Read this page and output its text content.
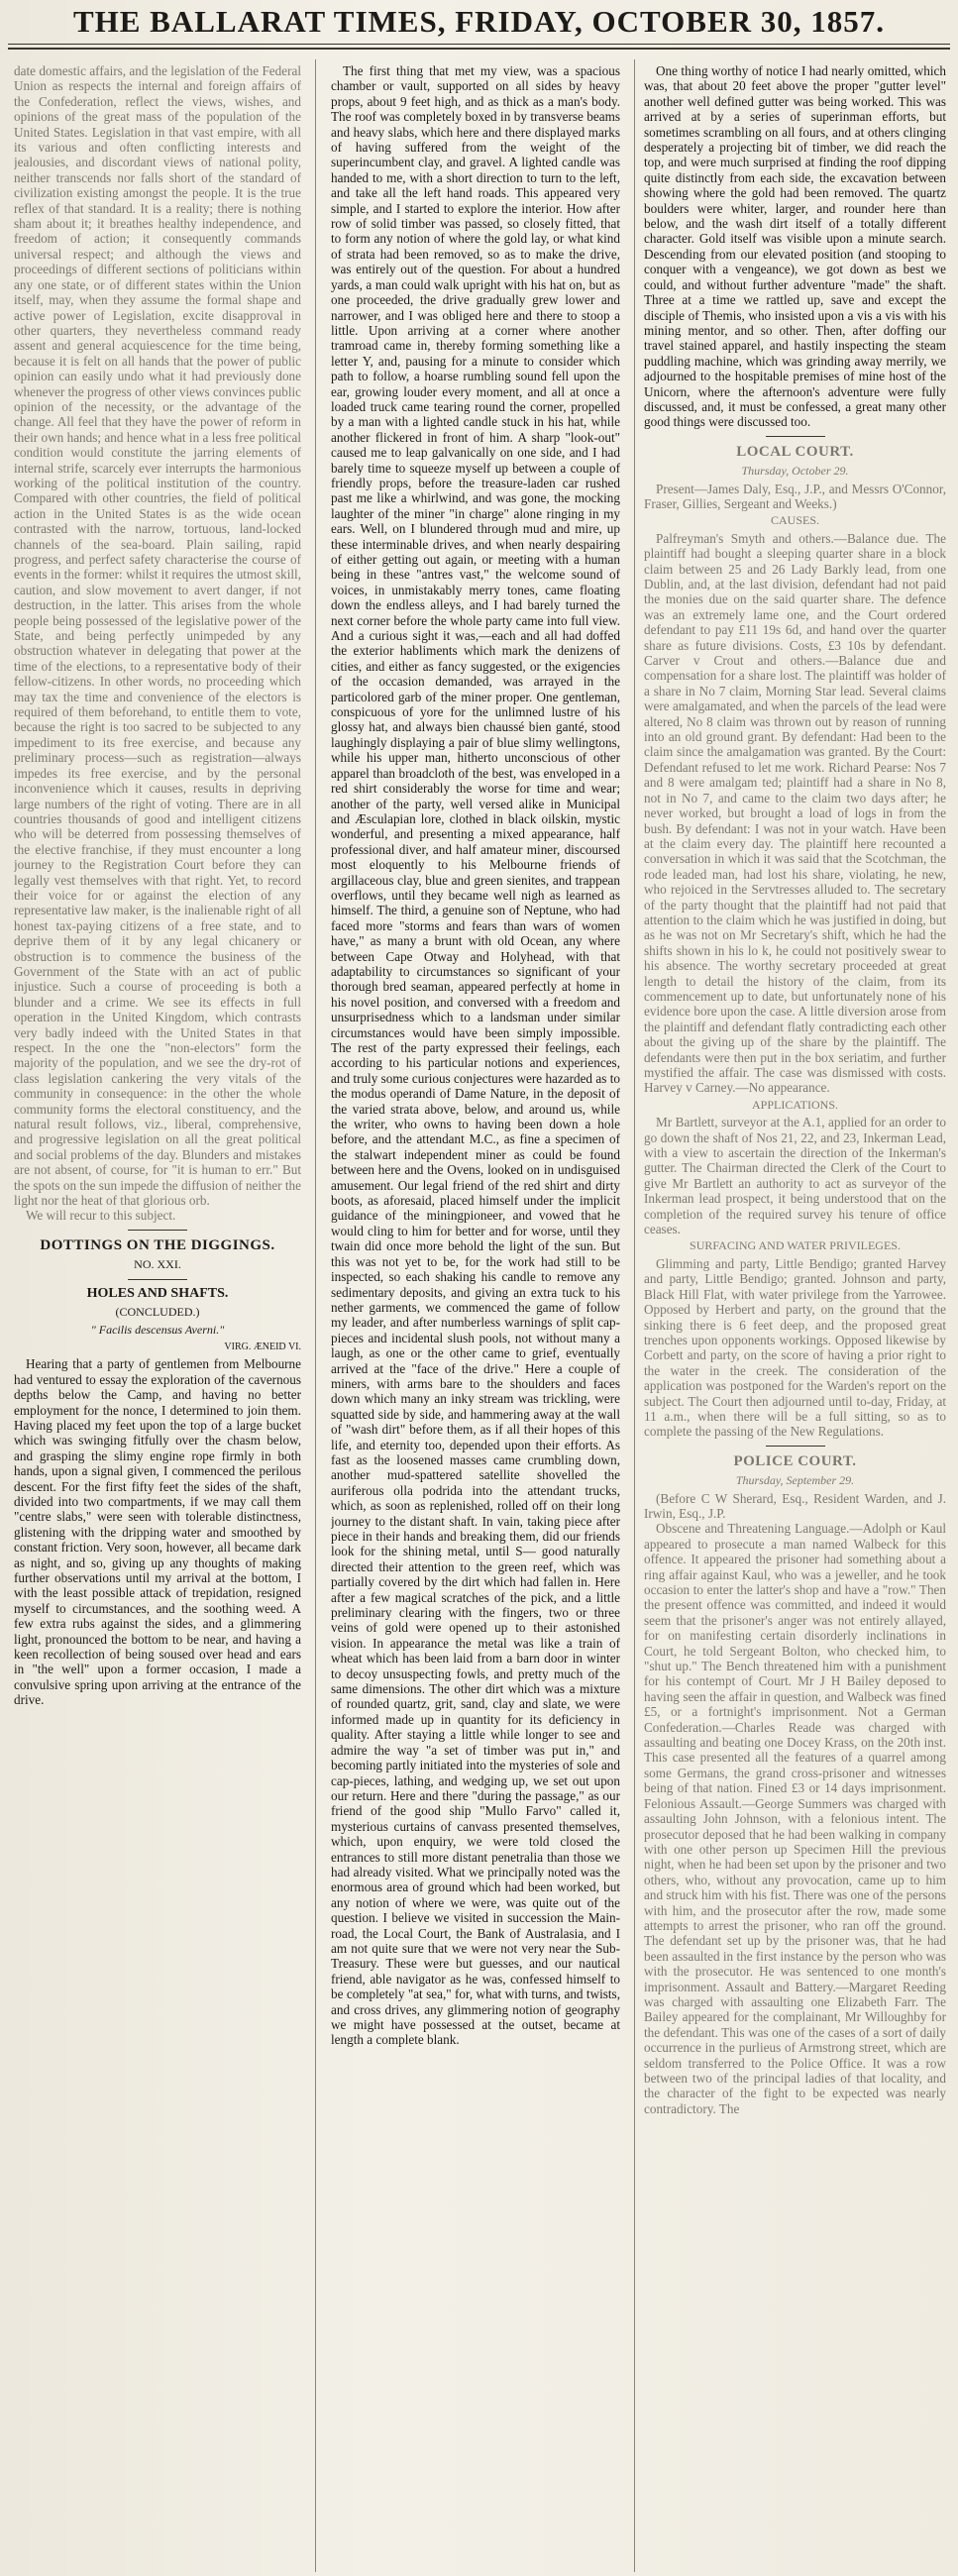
THE BALLARAT TIMES, FRIDAY, OCTOBER 30, 1857.

date domestic affairs, and the legislation of the Federal Union as respects the internal and foreign affairs of the Confederation, reflect the views, wishes, and opinions of the great mass of the population of the United States. Legislation in that vast empire, with all its various and often conflicting interests and jealousies, and discordant views of national polity, neither transcends nor falls short of the standard of civilization existing amongst the people. It is the true reflex of that standard. It is a reality; there is nothing sham about it; it breathes healthy independence, and freedom of action; it consequently commands universal respect; and although the views and proceedings of different sections of politicians within any one state, or of different states within the Union itself, may, when they assume the formal shape and active power of Legislation, excite disapproval in other quarters, they nevertheless command ready assent and general acquiescence for the time being, because it is felt on all hands that the power of public opinion can easily undo what it had previously done whenever the progress of other views convinces public opinion of the necessity, or the advantage of the change. All feel that they have the power of reform in their own hands; and hence what in a less free political condition would constitute the jarring elements of internal strife, scarcely ever interrupts the harmonious working of the political institution of the country. Compared with other countries, the field of political action in the United States is as the wide ocean contrasted with the narrow, tortuous, land-locked channels of the sea-board. Plain sailing, rapid progress, and perfect safety characterise the course of events in the former: whilst it requires the utmost skill, caution, and slow movement to avert danger, if not destruction, in the latter. This arises from the whole people being possessed of the legislative power of the State, and being perfectly unimpeded by any obstruction whatever in delegating that power at the time of the elections, to a representative body of their fellow-citizens. In other words, no proceeding which may tax the time and convenience of the electors is required of them beforehand, to entitle them to vote, because the right is too sacred to be subjected to any impediment to its free exercise, and because any preliminary process—such as registration—always impedes its free exercise, and by the personal inconvenience which it causes, results in depriving large numbers of the right of voting. There are in all countries thousands of good and intelligent citizens who will be deterred from possessing themselves of the elective franchise, if they must encounter a long journey to the Registration Court before they can legally vest themselves with that right. Yet, to record their voice for or against the election of any representative law maker, is the inalienable right of all honest tax-paying citizens of a free state, and to deprive them of it by any legal chicanery or obstruction is to commence the business of the Government of the State with an act of public injustice. Such a course of proceeding is both a blunder and a crime. We see its effects in full operation in the United Kingdom, which contrasts very badly indeed with the United States in that respect. In the one the "non-electors" form the majority of the population, and we see the dry-rot of class legislation cankering the very vitals of the community in consequence: in the other the whole community forms the electoral constituency, and the natural result follows, viz., liberal, comprehensive, and progressive legislation on all the great political and social problems of the day. Blunders and mistakes are not absent, of course, for "it is human to err." But the spots on the sun impede the diffusion of neither the light nor the heat of that glorious orb.

We will recur to this subject.

DOTTINGS ON THE DIGGINGS.
NO. XXI.
HOLES AND SHAFTS.
(CONCLUDED.)
" Facilis descensus Averni."
VIRG. ÆNEID VI.

Hearing that a party of gentlemen from Melbourne had ventured to essay the exploration of the cavernous depths below the Camp, and having no better employment for the nonce, I determined to join them. Having placed my feet upon the top of a large bucket which was swinging fitfully over the chasm below, and grasping the slimy engine rope firmly in both hands, upon a signal given, I commenced the perilous descent. For the first fifty feet the sides of the shaft, divided into two compartments, if we may call them "centre slabs," were seen with tolerable distinctness, glistening with the dripping water and smoothed by constant friction. Very soon, however, all became dark as night, and so, giving up any thoughts of making further observations until my arrival at the bottom, I with the least possible attack of trepidation, resigned myself to circumstances, and the soothing weed. A few extra rubs against the sides, and a glimmering light, pronounced the bottom to be near, and having a keen recollection of being soused over head and ears in "the well" upon a former occasion, I made a convulsive spring upon arriving at the entrance of the drive.

The first thing that met my view, was a spacious chamber or vault, supported on all sides by heavy props, about 9 feet high, and as thick as a man's body. The roof was completely boxed in by transverse beams and heavy slabs, which here and there displayed marks of having suffered from the weight of the superincumbent clay, and gravel. A lighted candle was handed to me, with a short direction to turn to the left, and take all the left hand roads. This appeared very simple, and I started to explore the interior. How after row of solid timber was passed, so closely fitted, that to form any notion of where the gold lay, or what kind of strata had been removed, so as to make the drive, was entirely out of the question. For about a hundred yards, a man could walk upright with his hat on, but as one proceeded, the drive gradually grew lower and narrower, and I was obliged here and there to stoop a little. Upon arriving at a corner where another tramroad came in, thereby forming something like a letter Y, and, pausing for a minute to consider which path to follow, a hoarse rumbling sound fell upon the ear, growing louder every moment, and all at once a loaded truck came tearing round the corner, propelled by a man with a lighted candle stuck in his hat, while another flickered in front of him. A sharp "look-out" caused me to leap galvanically on one side, and I had barely time to squeeze myself up between a couple of friendly props, before the treasure-laden car rushed past me like a whirlwind, and was gone, the mocking laughter of the miner "in charge" alone ringing in my ears. Well, on I blundered through mud and mire, up these interminable drives, and when nearly despairing of either getting out again, or meeting with a human being in these "antres vast," the welcome sound of voices, in unmistakably merry tones, came floating down the endless alleys, and I had barely turned the next corner before the whole party came into full view. And a curious sight it was,—each and all had doffed the exterior habliments which mark the denizens of cities, and either as fancy suggested, or the exigencies of the occasion demanded, was arrayed in the particolored garb of the miner proper. One gentleman, conspicuous of yore for the unlimned lustre of his glossy hat, and always bien chaussé bien ganté, stood laughingly displaying a pair of blue slimy wellingtons, while his upper man, hitherto unconscious of other apparel than broadcloth of the best, was enveloped in a red shirt considerably the worse for time and wear; another of the party, well versed alike in Municipal and Æsculapian lore, clothed in black oilskin, mystic wonderful, and presenting a mixed appearance, half professional diver, and half amateur miner, discoursed most eloquently to his Melbourne friends of argillaceous clay, blue and green sienites, and trappean overflows, until they became well nigh as learned as himself. The third, a genuine son of Neptune, who had faced more "storms and fears than wars of women have," as many a brunt with old Ocean, any where between Cape Otway and Holyhead, with that adaptability to circumstances so significant of your thorough bred seaman, appeared perfectly at home in his novel position, and conversed with a freedom and unsurprisedness which to a landsman under similar circumstances would have been simply impossible. The rest of the party expressed their feelings, each according to his particular notions and experiences, and truly some curious conjectures were hazarded as to the modus operandi of Dame Nature, in the deposit of the varied strata above, below, and around us, while the writer, who owns to having been down a hole before, and the attendant M.C., as fine a specimen of the stalwart independent miner as could be found between here and the Ovens, looked on in undisguised amusement. Our legal friend of the red shirt and dirty boots, as aforesaid, placed himself under the implicit guidance of the miningpioneer, and vowed that he would cling to him for better and for worse, until they twain did once more behold the light of the sun. But this was not yet to be, for the work had still to be inspected, so each shaking his candle to remove any sedimentary deposits, and giving an extra tuck to his nether garments, we commenced the game of follow my leader, and after numberless warnings of split cap-pieces and incidental slush pools, not without many a laugh, as one or the other came to grief, eventually arrived at the "face of the drive." Here a couple of miners, with arms bare to the shoulders and faces down which many an inky stream was trickling, were squatted side by side, and hammering away at the wall of "wash dirt" before them, as if all their hopes of this life, and eternity too, depended upon their efforts. As fast as the loosened masses came crumbling down, another mud-spattered satellite shovelled the auriferous olla podrida into the attendant trucks, which, as soon as replenished, rolled off on their long journey to the distant shaft. In vain, taking piece after piece in their hands and breaking them, did our friends look for the shining metal, until S— good naturally directed their attention to the green reef, which was partially covered by the dirt which had fallen in. Here after a few magical scratches of the pick, and a little preliminary clearing with the fingers, two or three veins of gold were opened up to their astonished vision. In appearance the metal was like a train of wheat which has been laid from a barn door in winter to decoy unsuspecting fowls, and pretty much of the same dimensions. The other dirt which was a mixture of rounded quartz, grit, sand, clay and slate, we were informed made up in quantity for its deficiency in quality. After staying a little while longer to see and admire the way "a set of timber was put in," and becoming partly initiated into the mysteries of sole and cap-pieces, lathing, and wedging up, we set out upon our return. Here and there "during the passage," as our friend of the good ship "Mullo Farvo" called it, mysterious curtains of canvass presented themselves, which, upon enquiry, we were told closed the entrances to still more distant penetralia than those we had already visited. What we principally noted was the enormous area of ground which had been worked, but any notion of where we were, was quite out of the question. I believe we visited in succession the Main-road, the Local Court, the Bank of Australasia, and I am not quite sure that we were not very near the Sub-Treasury. These were but guesses, and our nautical friend, able navigator as he was, confessed himself to be completely "at sea," for, what with turns, and twists, and cross drives, any glimmering notion of geography we might have possessed at the outset, became at length a complete blank.

One thing worthy of notice I had nearly omitted, which was, that about 20 feet above the proper "gutter level" another well defined gutter was being worked. This was arrived at by a series of superinman efforts, but sometimes scrambling on all fours, and at others clinging desperately a projecting bit of timber, we did reach the top, and were much surprised at finding the roof dipping quite distinctly from each side, the excavation between showing where the gold had been removed. The quartz boulders were whiter, larger, and rounder here than below, and the wash dirt itself of a totally different character. Gold itself was visible upon a minute search. Descending from our elevated position (and stooping to conquer with a vengeance), we got down as best we could, and without further adventure "made" the shaft. Three at a time we rattled up, save and except the disciple of Themis, who insisted upon a vis a vis with his mining mentor, and so other. Then, after doffing our travel stained apparel, and hastily inspecting the steam puddling machine, which was grinding away merrily, we adjourned to the hospitable premises of mine host of the Unicorn, where the afternoon's adventure were fully discussed, and, it must be confessed, a great many other good things were discussed too.

LOCAL COURT.
Thursday, October 29.

Present—James Daly, Esq., J.P., and Messrs O'Connor, Fraser, Gillies, Sergeant and Weeks.)

CAUSES.

Palfreyman's Smyth and others.—Balance due. The plaintiff had bought a sleeping quarter share in a block claim between 25 and 26 Lady Barkly lead, from one Dublin, and, at the last division, defendant had not paid the monies due on the said quarter share. The defence was an extremely lame one, and the Court ordered defendant to pay £11 19s 6d, and hand over the quarter share as future divisions. Costs, £3 10s by defendant. Carver v Crout and others.—Balance due and compensation for a share lost. The plaintiff was holder of a share in No 7 claim, Morning Star lead. Several claims were amalgamated, and when the parcels of the lead were altered, No 8 claim was thrown out by reason of running into an old ground grant. By defendant: Had been to the claim since the amalgamation was granted. By the Court: Defendant refused to let me work. Richard Pearse: Nos 7 and 8 were amalgam ted; plaintiff had a share in No 8, not in No 7, and came to the claim two days after; he never worked, but brought a load of logs in from the bush. By defendant: I was not in your watch. Have been at the claim every day. The plaintiff here recounted a conversation in which it was said that the Scotchman, the rode leaded man, had lost his share, violating, he new, who rejoiced in the Servtresses alluded to. The secretary of the party thought that the plaintiff had not paid that attention to the claim which he was justified in doing, but as he was not on Mr Secretary's shift, which he had the shifts shown in his lo k, he could not positively swear to his absence. The worthy secretary proceeded at great length to detail the history of the claim, from its commencement up to date, but unfortunately none of his evidence bore upon the case. A little diversion arose from the plaintiff and defendant flatly contradicting each other about the giving up of the share by the plaintiff. The defendants were then put in the box seriatim, and further mystified the affair. The case was dismissed with costs. Harvey v Carney.—No appearance.

APPLICATIONS.

Mr Bartlett, surveyor at the A.1, applied for an order to go down the shaft of Nos 21, 22, and 23, Inkerman Lead, with a view to ascertain the direction of the Inkerman's gutter. The Chairman directed the Clerk of the Court to give Mr Bartlett an authority to act as surveyor of the Inkerman lead prospect, it being understood that on the completion of the required survey his tenure of office ceases.

SURFACING AND WATER PRIVILEGES.

Glimming and party, Little Bendigo; granted Harvey and party, Little Bendigo; granted. Johnson and party, Black Hill Flat, with water privilege from the Yarrowee. Opposed by Herbert and party, on the ground that the sinking there is 6 feet deep, and the proposed great trenches upon opponents workings. Opposed likewise by Corbett and party, on the score of having a prior right to the water in the creek. The consideration of the application was postponed for the Warden's report on the subject. The Court then adjourned until to-day, Friday, at 11 a.m., when there will be a full sitting, so as to complete the passing of the New Regulations.

POLICE COURT.
Thursday, September 29.

(Before C W Sherard, Esq., Resident Warden, and J. Irwin, Esq., J.P.

Obscene and Threatening Language.—Adolph or Kaul appeared to prosecute a man named Walbeck for this offence. It appeared the prisoner had something about a ring affair against Kaul, who was a jeweller, and he took occasion to enter the latter's shop and have a "row." Then the present offence was committed, and indeed it would seem that the prisoner's anger was not entirely allayed, for on manifesting certain disorderly inclinations in Court, he told Sergeant Bolton, who checked him, to "shut up." The Bench threatened him with a punishment for his contempt of Court. Mr J H Bailey deposed to having seen the affair in question, and Walbeck was fined £5, or a fortnight's imprisonment. Not a German Confederation.—Charles Reade was charged with assaulting and beating one Docey Krass, on the 20th inst. This case presented all the features of a quarrel among some Germans, the grand cross-prisoner and witnesses being of that nation. Fined £3 or 14 days imprisonment. Felonious Assault.—George Summers was charged with assaulting John Johnson, with a felonious intent. The prosecutor deposed that he had been walking in company with one other person up Specimen Hill the previous night, when he had been set upon by the prisoner and two others, who, without any provocation, came up to him and struck him with his fist. There was one of the persons with him, and the prosecutor after the row, made some attempts to arrest the prisoner, who ran off the ground. The defendant set up by the prisoner was, that he had been assaulted in the first instance by the person who was with the prosecutor. He was sentenced to one month's imprisonment. Assault and Battery.—Margaret Reeding was charged with assaulting one Elizabeth Farr. The Bailey appeared for the complainant, Mr Willoughby for the defendant. This was one of the cases of a sort of daily occurrence in the purlieus of Armstrong street, which are seldom transferred to the Police Office. It was a row between two of the principal ladies of that locality, and the character of the fight to be expected was nearly contradictory. The
